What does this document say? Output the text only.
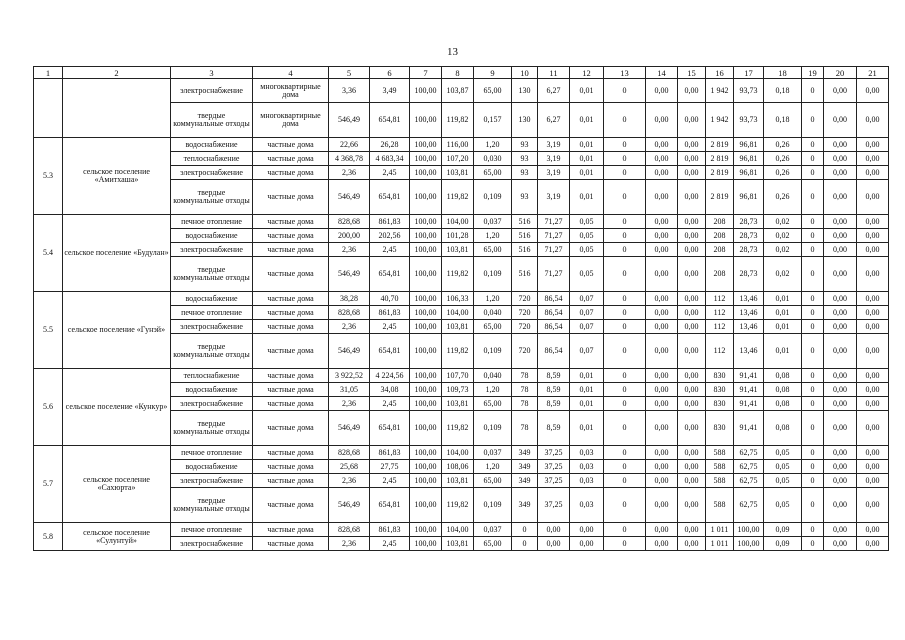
13
1	2	3	4	5	6	7	8	9	10	11	12	13	14	15	16	17	18	19	20	21
		электроснабжение	многоквартирные дома	3,36	3,49	100,00	103,87	65,00	130	6,27	0,01	0	0,00	0,00	1 942	93,73	0,18	0	0,00	0,00
		твердые коммунальные отходы	многоквартирные дома	546,49	654,81	100,00	119,82	0,157	130	6,27	0,01	0	0,00	0,00	1 942	93,73	0,18	0	0,00	0,00
5.3	сельское поселение «Амитхаша»	водоснабжение	частные дома	22,66	26,28	100,00	116,00	1,20	93	3,19	0,01	0	0,00	0,00	2 819	96,81	0,26	0	0,00	0,00
		теплоснабжение	частные дома	4 368,78	4 683,34	100,00	107,20	0,030	93	3,19	0,01	0	0,00	0,00	2 819	96,81	0,26	0	0,00	0,00
		электроснабжение	частные дома	2,36	2,45	100,00	103,81	65,00	93	3,19	0,01	0	0,00	0,00	2 819	96,81	0,26	0	0,00	0,00
		твердые коммунальные отходы	частные дома	546,49	654,81	100,00	119,82	0,109	93	3,19	0,01	0	0,00	0,00	2 819	96,81	0,26	0	0,00	0,00
5.4	сельское поселение «Будулан»	печное отопление	частные дома	828,68	861,83	100,00	104,00	0,037	516	71,27	0,05	0	0,00	0,00	208	28,73	0,02	0	0,00	0,00
		водоснабжение	частные дома	200,00	202,56	100,00	101,28	1,20	516	71,27	0,05	0	0,00	0,00	208	28,73	0,02	0	0,00	0,00
		электроснабжение	частные дома	2,36	2,45	100,00	103,81	65,00	516	71,27	0,05	0	0,00	0,00	208	28,73	0,02	0	0,00	0,00
		твердые коммунальные отходы	частные дома	546,49	654,81	100,00	119,82	0,109	516	71,27	0,05	0	0,00	0,00	208	28,73	0,02	0	0,00	0,00
5.5	сельское поселение «Гунэй»	водоснабжение	частные дома	38,28	40,70	100,00	106,33	1,20	720	86,54	0,07	0	0,00	0,00	112	13,46	0,01	0	0,00	0,00
		печное отопление	частные дома	828,68	861,83	100,00	104,00	0,040	720	86,54	0,07	0	0,00	0,00	112	13,46	0,01	0	0,00	0,00
		электроснабжение	частные дома	2,36	2,45	100,00	103,81	65,00	720	86,54	0,07	0	0,00	0,00	112	13,46	0,01	0	0,00	0,00
		твердые коммунальные отходы	частные дома	546,49	654,81	100,00	119,82	0,109	720	86,54	0,07	0	0,00	0,00	112	13,46	0,01	0	0,00	0,00
5.6	сельское поселение «Кункур»	теплоснабжение	частные дома	3 922,52	4 224,56	100,00	107,70	0,040	78	8,59	0,01	0	0,00	0,00	830	91,41	0,08	0	0,00	0,00
		водоснабжение	частные дома	31,05	34,08	100,00	109,73	1,20	78	8,59	0,01	0	0,00	0,00	830	91,41	0,08	0	0,00	0,00
		электроснабжение	частные дома	2,36	2,45	100,00	103,81	65,00	78	8,59	0,01	0	0,00	0,00	830	91,41	0,08	0	0,00	0,00
		твердые коммунальные отходы	частные дома	546,49	654,81	100,00	119,82	0,109	78	8,59	0,01	0	0,00	0,00	830	91,41	0,08	0	0,00	0,00
5.7	сельское поселение «Сахюрта»	печное отопление	частные дома	828,68	861,83	100,00	104,00	0,037	349	37,25	0,03	0	0,00	0,00	588	62,75	0,05	0	0,00	0,00
		водоснабжение	частные дома	25,68	27,75	100,00	108,06	1,20	349	37,25	0,03	0	0,00	0,00	588	62,75	0,05	0	0,00	0,00
		электроснабжение	частные дома	2,36	2,45	100,00	103,81	65,00	349	37,25	0,03	0	0,00	0,00	588	62,75	0,05	0	0,00	0,00
		твердые коммунальные отходы	частные дома	546,49	654,81	100,00	119,82	0,109	349	37,25	0,03	0	0,00	0,00	588	62,75	0,05	0	0,00	0,00
5.8	сельское поселение «Сулунтуй»	печное отопление	частные дома	828,68	861,83	100,00	104,00	0,037	0	0,00	0,00	0	0,00	0,00	1 011	100,00	0,09	0	0,00	0,00
		электроснабжение	частные дома	2,36	2,45	100,00	103,81	65,00	0	0,00	0,00	0	0,00	0,00	1 011	100,00	0,09	0	0,00	0,00
